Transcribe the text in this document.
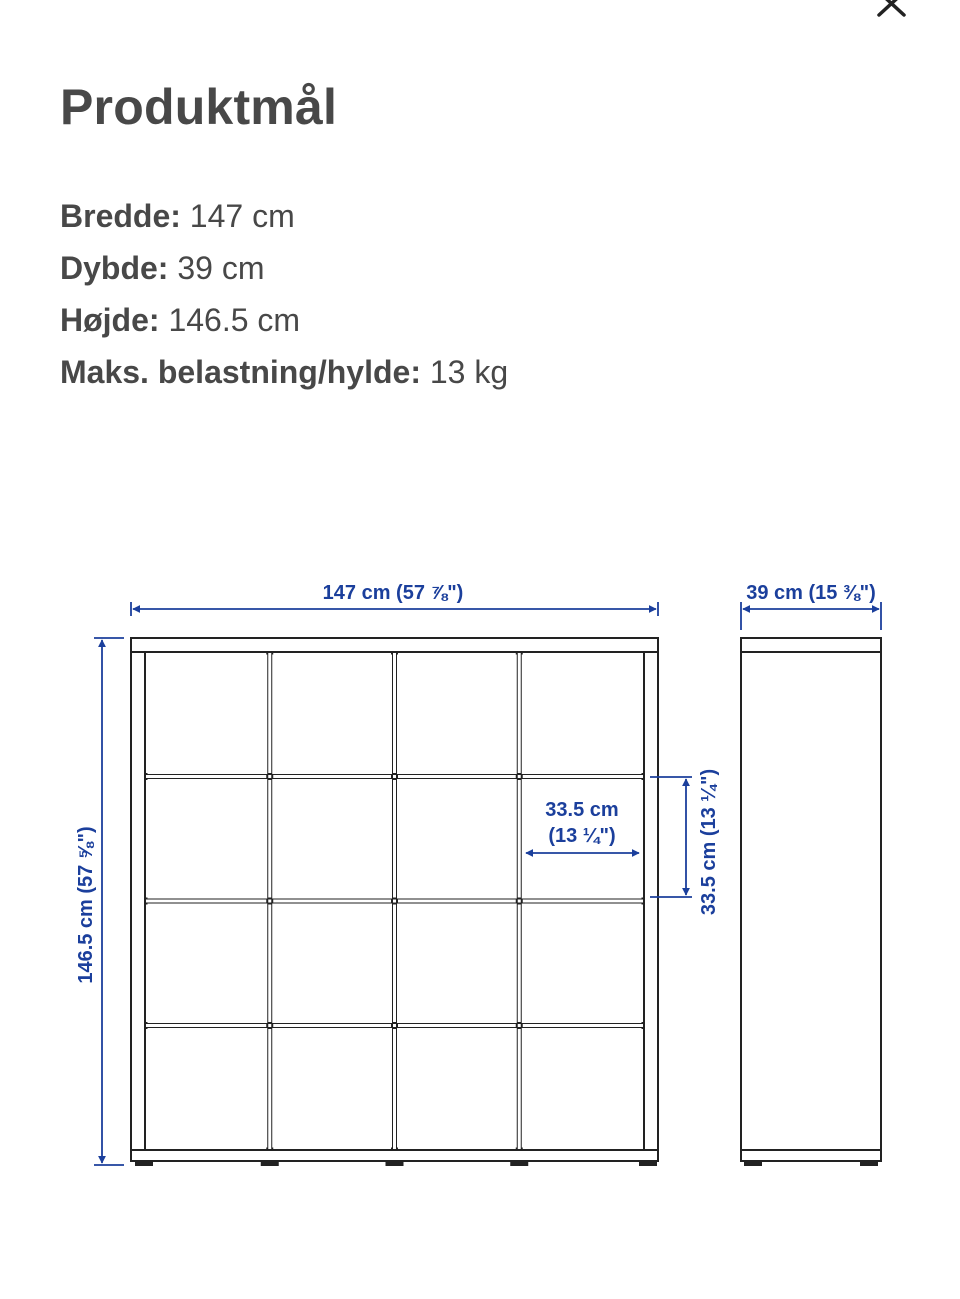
Produktmål
Bredde: 147 cm
Dybde: 39 cm
Højde: 146.5 cm
Maks. belastning/hylde: 13 kg
147 cm (57 ⅞")	39 cm (15 ⅜")
146.5 cm (57 ⅝")
33.5 cm
(13 ¼")	33.5 cm (13 ¼")
